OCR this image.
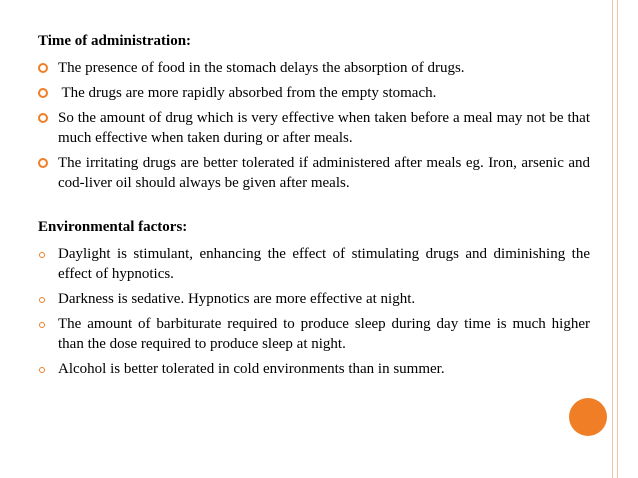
Time of administration:
The presence of food in the stomach delays the absorption of drugs.
The drugs are more rapidly absorbed from the empty stomach.
So the amount of drug which is very effective when taken before a meal may not be that much effective when taken during or after meals.
The irritating drugs are better tolerated if administered after meals eg. Iron, arsenic and cod-liver oil should always be given after meals.
Environmental factors:
Daylight is stimulant, enhancing the effect of stimulating drugs and diminishing the effect of hypnotics.
Darkness is sedative. Hypnotics are more effective at night.
The amount of barbiturate required to produce sleep during day time is much higher than the dose required to produce sleep at night.
Alcohol is better tolerated in cold environments than in summer.
